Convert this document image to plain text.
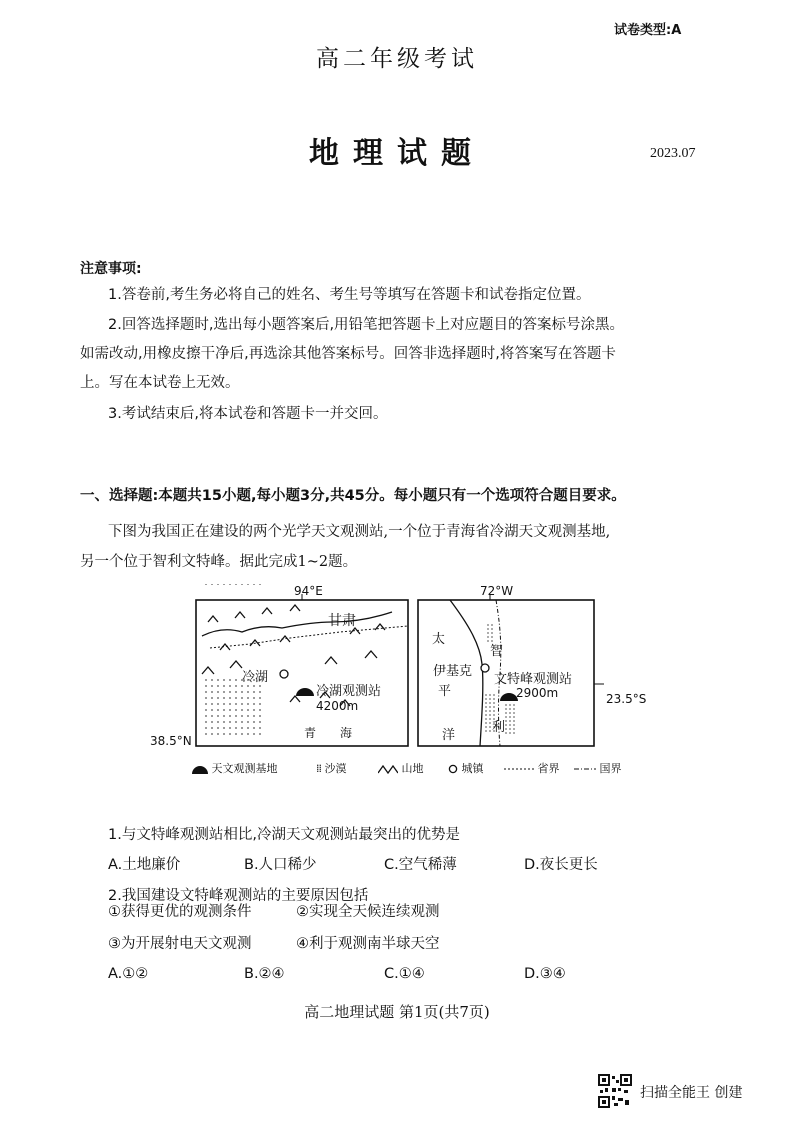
试卷类型:A
高二年级考试
地理试题	2023.07
注意事项:
1.答卷前,考生务必将自己的姓名、考生号等填写在答题卡和试卷指定位置。
2.回答选择题时,选出每小题答案后,用铅笔把答题卡上对应题目的答案标号涂黑。
如需改动,用橡皮擦干净后,再选涂其他答案标号。回答非选择题时,将答案写在答题卡
上。写在本试卷上无效。
3.考试结束后,将本试卷和答题卡一并交回。
一、选择题:本题共15小题,每小题3分,共45分。每小题只有一个选项符合题目要求。
下图为我国正在建设的两个光学天文观测站,一个位于青海省冷湖天文观测基地,
另一个位于智利文特峰。据此完成1~2题。
94°E
38.5°N
甘肃
冷湖
冷湖观测站
4200m
青 海
72°W
23.5°S
太
平
洋
智
利
伊基克
文特峰观测站
2900m
天文观测基地	⁞⁞ 沙漠	山地	城镇	省界	国界
1.与文特峰观测站相比,冷湖天文观测站最突出的优势是
A.土地廉价	B.人口稀少	C.空气稀薄	D.夜长更长
2.我国建设文特峰观测站的主要原因包括
①获得更优的观测条件	②实现全天候连续观测
③为开展射电天文观测	④利于观测南半球天空
A.①②	B.②④	C.①④	D.③④
高二地理试题 第1页(共7页)
扫描全能王 创建
